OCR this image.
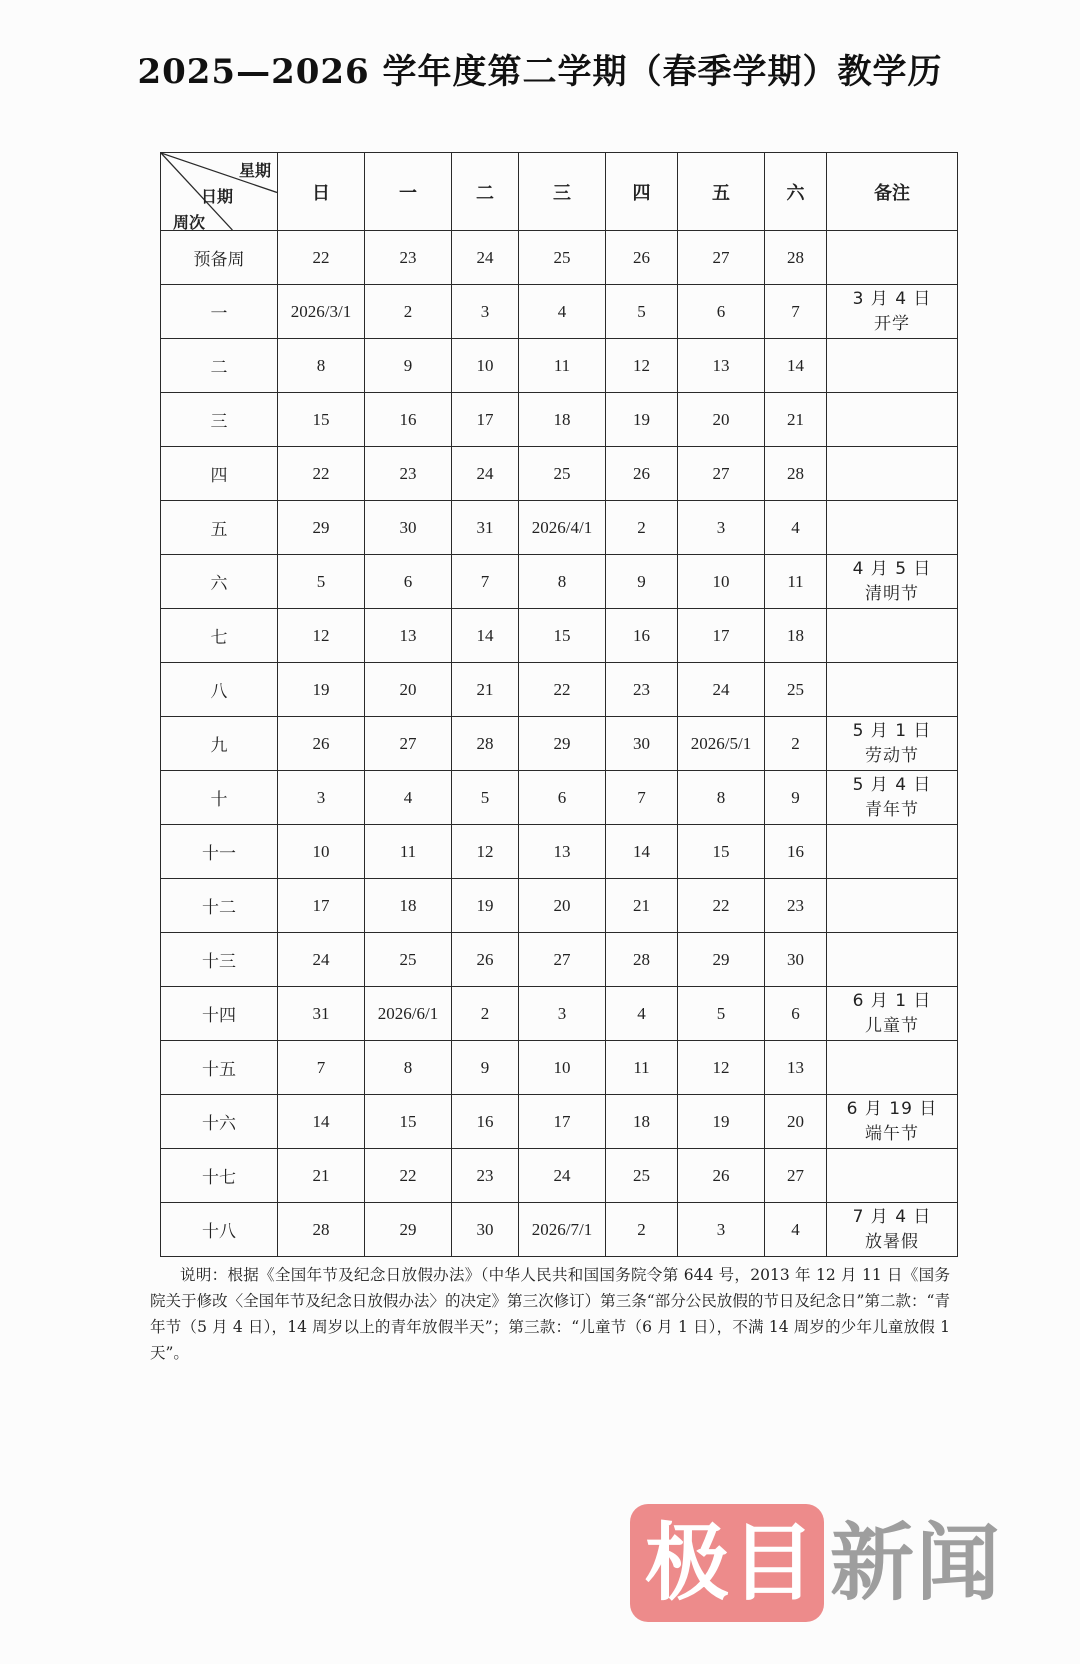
2025—2026 学年度第二学期（春季学期）教学历
星期
日期
周次	日	一	二	三	四	五	六	备注
预备周	22	23	24	25	26	27	28	
一	2026/3/1	2	3	4	5	6	7	3 月 4 日
开学

二	8	9	10	11	12	13	14	
三	15	16	17	18	19	20	21	
四	22	23	24	25	26	27	28	
五	29	30	31	2026/4/1	2	3	4	
六	5	6	7	8	9	10	11	4 月 5 日
清明节

七	12	13	14	15	16	17	18	
八	19	20	21	22	23	24	25	
九	26	27	28	29	30	2026/5/1	2	5 月 1 日
劳动节

十	3	4	5	6	7	8	9	5 月 4 日
青年节

十一	10	11	12	13	14	15	16	
十二	17	18	19	20	21	22	23	
十三	24	25	26	27	28	29	30	
十四	31	2026/6/1	2	3	4	5	6	6 月 1 日
儿童节

十五	7	8	9	10	11	12	13	
十六	14	15	16	17	18	19	20	6 月 19 日
端午节

十七	21	22	23	24	25	26	27	
十八	28	29	30	2026/7/1	2	3	4	7 月 4 日
放暑假
说明：根据《全国年节及纪念日放假办法》（中华人民共和国国务院令第 644 号，2013 年 12 月 11 日《国务院关于修改〈全国年节及纪念日放假办法〉的决定》第三次修订）第三条“部分公民放假的节日及纪念日”第二款：“青年节（5 月 4 日），14 周岁以上的青年放假半天”；第三款：“儿童节（6 月 1 日），不满 14 周岁的少年儿童放假 1 天”。
极目 新闻
